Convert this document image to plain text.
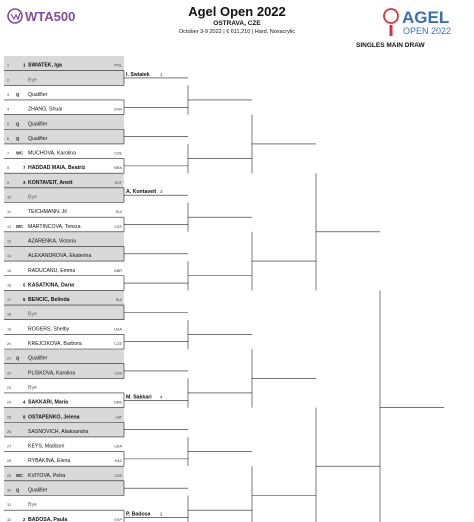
WTA500	Agel Open 2022
OSTRAVA, CZE
October 3-9 2022 | € 611,210 | Hard, Novacrylic
AGEL
OPEN 2022
SINGLES MAIN DRAW
1	1 SWIATEK, Iga	POL
2	Bye
3 Q Qualifier
4	ZHANG, Shuai	CHN
5 Q Qualifier
6 Q Qualifier
7 WC MUCHOVA, Karolina	CZE
8	7 HADDAD MAIA, Beatriz	BRA
9	3 KONTAVEIT, Anett	EST
10	Bye
11	TEICHMANN, Jil	SUI
12 WC MARTINCOVA, Tereza	CZE
13	AZARENKA, Victoria
14	ALEXANDROVA, Ekaterina
15	RADUCANU, Emma	GBR
16	5 KASATKINA, Daria
17	6 BENCIC, Belinda	SUI
18	Bye
19	ROGERS, Shelby	USA
20	KREJCIKOVA, Barbora	CZE
21 Q Qualifier
22	PLISKOVA, Karolina	CZE
23	Bye
24	4 SAKKARI, Maria	GRE
25	8 OSTAPENKO, Jelena	LAT
26	SASNOVICH, Aliaksandra
27	KEYS, Madison	USA
28	RYBAKINA, Elena	KAZ
29 WC KVITOVA, Petra	CZE
30 Q Qualifier
31	Bye
32	2 BADOSA, Paula	ESP
I. Swiatek 1
A. Kontaveit 3
M. Sakkari 4
P. Badosa 2
